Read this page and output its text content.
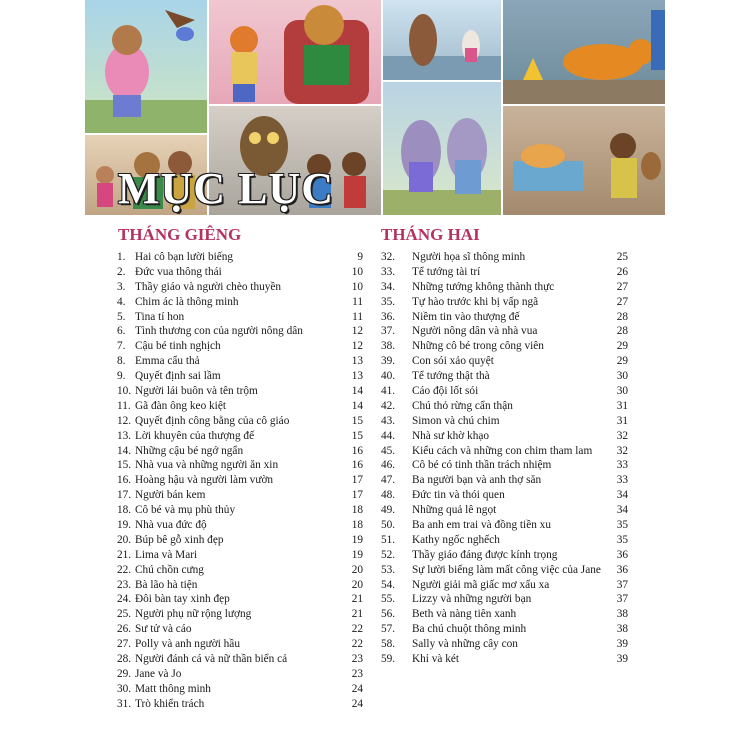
MỤC LỤC
THÁNG GIÊNG	THÁNG HAI
1. Hai cô bạn lười biếng	9
2. Đức vua thông thái	10
3. Thầy giáo và người chèo thuyền	10
4. Chim ác là thông minh	11
5. Tina tí hon	11
6. Tình thương con của người nông dân	12
7. Cậu bé tinh nghịch	12
8. Emma cẩu thả	13
9. Quyết định sai lầm	13
10. Người lái buôn và tên trộm	14
11. Gã đàn ông keo kiệt	14
12. Quyết định công bằng của cô giáo	15
13. Lời khuyên của thượng đế	15
14. Những cậu bé ngớ ngẩn	16
15. Nhà vua và những người ăn xin	16
16. Hoàng hậu và người làm vườn	17
17. Người bán kem	17
18. Cô bé và mụ phù thủy	18
19. Nhà vua đức độ	18
20. Búp bê gỗ xinh đẹp	19
21. Lima và Mari	19
22. Chú chồn cưng	20
23. Bà lão hà tiện	20
24. Đôi bàn tay xinh đẹp	21
25. Người phụ nữ rộng lượng	21
26. Sư tử và cáo	22
27. Polly và anh người hầu	22
28. Người đánh cá và nữ thần biển cả	23
29. Jane và Jo	23
30. Matt thông minh	24
31. Trò khiển trách	24
32. Người họa sĩ thông minh	25
33. Tể tướng tài trí	26
34. Những tướng không thành thực	27
35. Tự hào trước khi bị vấp ngã	27
36. Niềm tin vào thượng đế	28
37. Người nông dân và nhà vua	28
38. Những cô bé trong công viên	29
39. Con sói xảo quyệt	29
40. Tể tướng thật thà	30
41. Cáo đội lốt sói	30
42. Chú thỏ rừng cẩn thận	31
43. Simon và chú chim	31
44. Nhà sư khờ khạo	32
45. Kiểu cách và những con chim tham lam	32
46. Cô bé có tinh thần trách nhiệm	33
47. Ba người bạn và anh thợ săn	33
48. Đức tin và thói quen	34
49. Những quả lê ngọt	34
50. Ba anh em trai và đồng tiền xu	35
51. Kathy ngốc nghếch	35
52. Thầy giáo đáng được kính trọng	36
53. Sự lười biếng làm mất công việc của Jane	36
54. Người giải mã giấc mơ xấu xa	37
55. Lizzy và những người bạn	37
56. Beth và nàng tiên xanh	38
57. Ba chú chuột thông minh	38
58. Sally và những cây con	39
59. Khỉ và két	39
